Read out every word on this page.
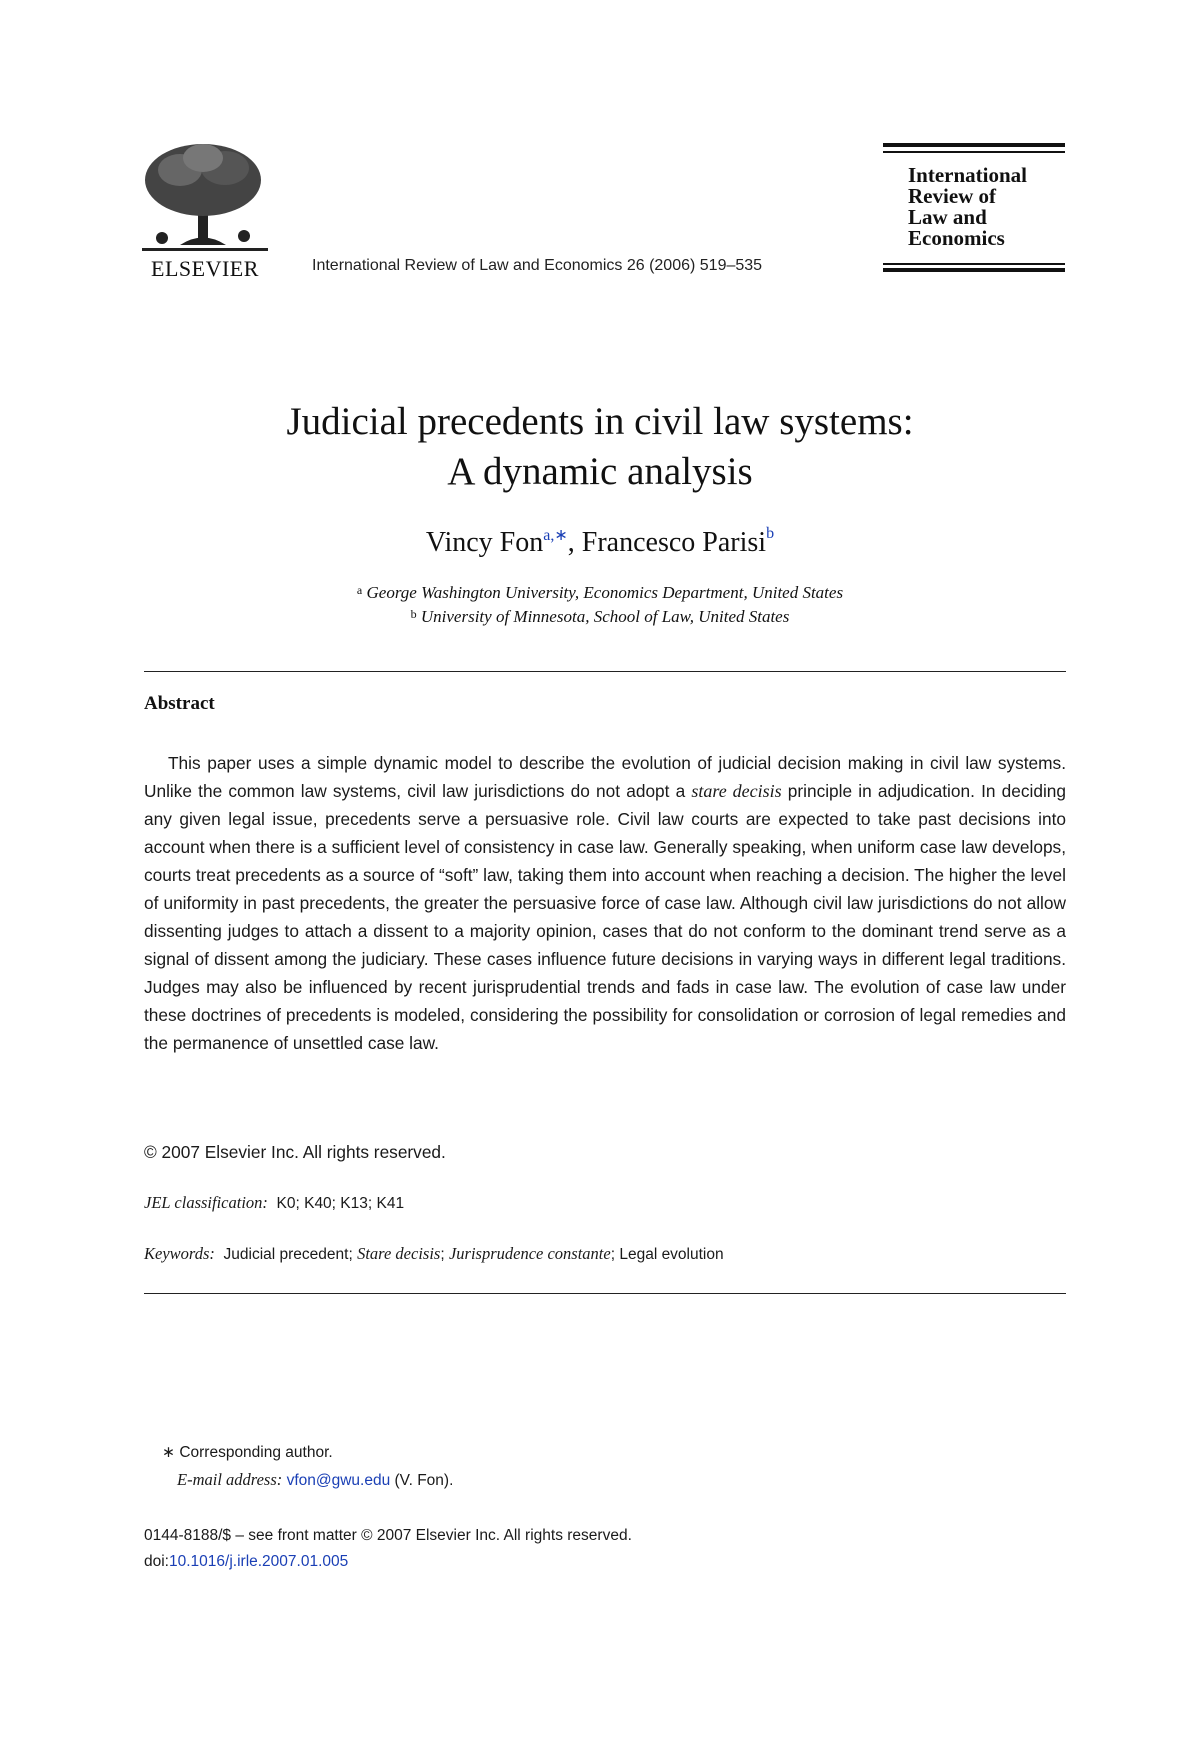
ELSEVIER	International Review of Law and Economics 26 (2006) 519–535
International
Review of
Law and
Economics
Judicial precedents in civil law systems:
A dynamic analysis
Vincy Fon$^{a,∗}$, Francesco Parisi$^b$
$^a$ George Washington University, Economics Department, United States
$^b$ University of Minnesota, School of Law, United States
Abstract
This paper uses a simple dynamic model to describe the evolution of judicial decision making in civil law systems. Unlike the common law systems, civil law jurisdictions do not adopt a stare decisis principle in adjudication. In deciding any given legal issue, precedents serve a persuasive role. Civil law courts are expected to take past decisions into account when there is a sufficient level of consistency in case law. Generally speaking, when uniform case law develops, courts treat precedents as a source of “soft” law, taking them into account when reaching a decision. The higher the level of uniformity in past precedents, the greater the persuasive force of case law. Although civil law jurisdictions do not allow dissenting judges to attach a dissent to a majority opinion, cases that do not conform to the dominant trend serve as a signal of dissent among the judiciary. These cases influence future decisions in varying ways in different legal traditions. Judges may also be influenced by recent jurisprudential trends and fads in case law. The evolution of case law under these doctrines of precedents is modeled, considering the possibility for consolidation or corrosion of legal remedies and the permanence of unsettled case law.
© 2007 Elsevier Inc. All rights reserved.
JEL classification: K0; K40; K13; K41
Keywords: Judicial precedent; Stare decisis; Jurisprudence constante; Legal evolution
∗ Corresponding author.
E-mail address: vfon@gwu.edu (V. Fon).
0144-8188/$ – see front matter © 2007 Elsevier Inc. All rights reserved.
doi:10.1016/j.irle.2007.01.005
